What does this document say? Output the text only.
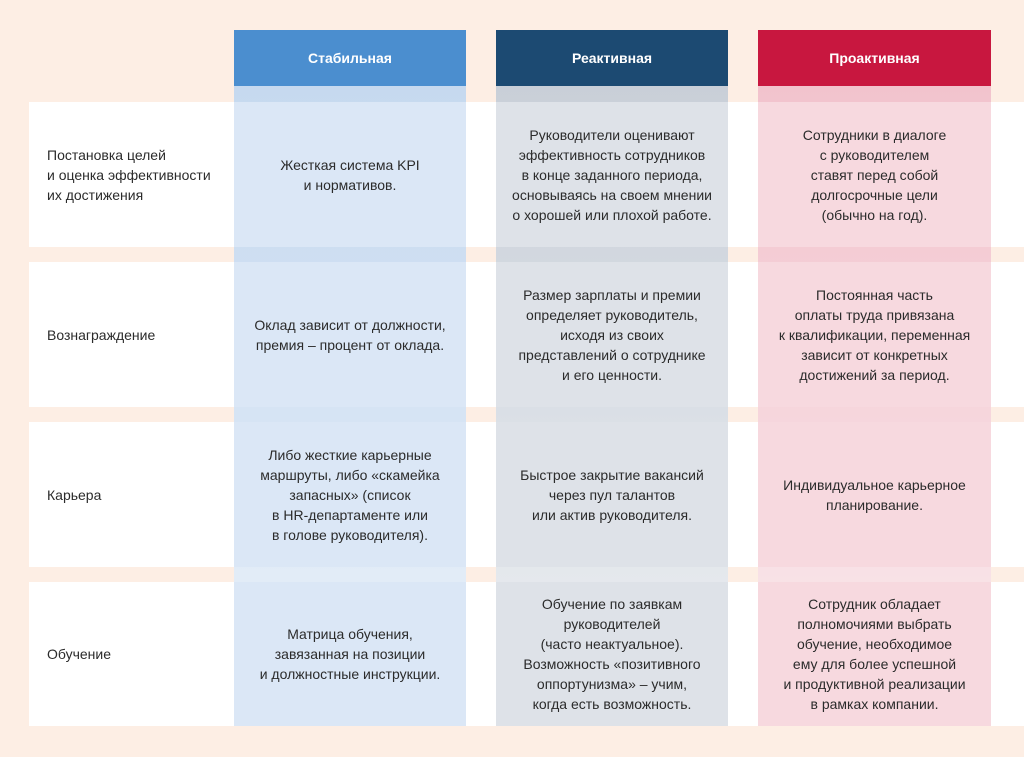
Стабильная	Реактивная	Проактивная
Постановка целей
и оценка эффективности
их достижения
Жесткая система KPI
и нормативов.
Руководители оценивают
эффективность сотрудников
в конце заданного периода,
основываясь на своем мнении
о хорошей или плохой работе.
Сотрудники в диалоге
с руководителем
ставят перед собой
долгосрочные цели
(обычно на год).
Вознаграждение
Оклад зависит от должности,
премия – процент от оклада.
Размер зарплаты и премии
определяет руководитель,
исходя из своих
представлений о сотруднике
и его ценности.
Постоянная часть
оплаты труда привязана
к квалификации, переменная
зависит от конкретных
достижений за период.
Карьера
Либо жесткие карьерные
маршруты, либо «скамейка
запасных» (список
в HR-департаменте или
в голове руководителя).
Быстрое закрытие вакансий
через пул талантов
или актив руководителя.
Индивидуальное карьерное
планирование.
Обучение
Матрица обучения,
завязанная на позиции
и должностные инструкции.
Обучение по заявкам
руководителей
(часто неактуальное).
Возможность «позитивного
оппортунизма» – учим,
когда есть возможность.
Сотрудник обладает
полномочиями выбрать
обучение, необходимое
ему для более успешной
и продуктивной реализации
в рамках компании.
